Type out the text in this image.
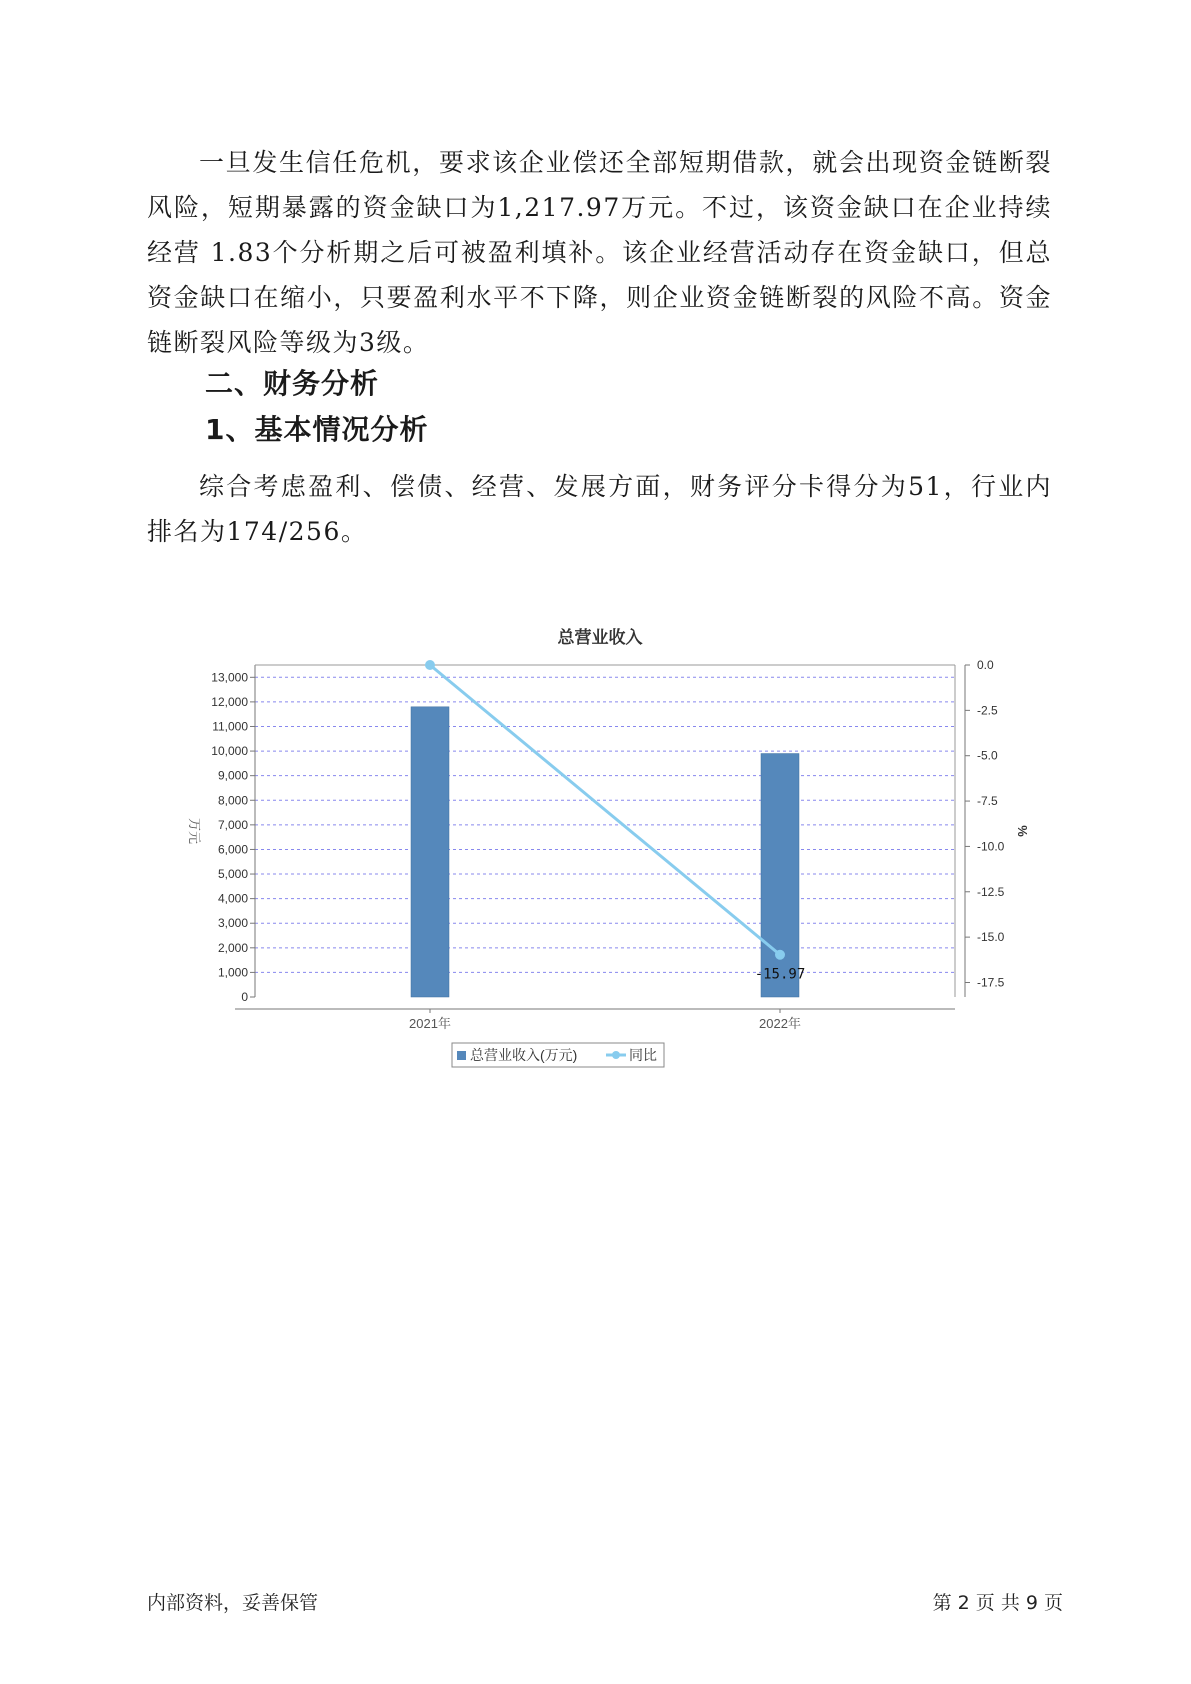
一旦发生信任危机，要求该企业偿还全部短期借款，就会出现资金链断裂风险，短期暴露的资金缺口为1,217.97万元。不过，该资金缺口在企业持续经营 1.83个分析期之后可被盈利填补。该企业经营活动存在资金缺口，但总资金缺口在缩小，只要盈利水平不下降，则企业资金链断裂的风险不高。资金链断裂风险等级为3级。
二、财务分析
1、基本情况分析
综合考虑盈利、偿债、经营、发展方面，财务评分卡得分为51，行业内排名为174/256。
总营业收入
0
1,000
2,000
3,000
4,000
5,000
6,000
7,000
8,000
9,000
10,000
11,000
12,000
13,000
0.0
-2.5
-5.0
-7.5
-10.0
-12.5
-15.0
-17.5
万元	%
2021年	2022年
-15.97
总营业收入(万元)	同比
内部资料，妥善保管	第 2 页 共 9 页
